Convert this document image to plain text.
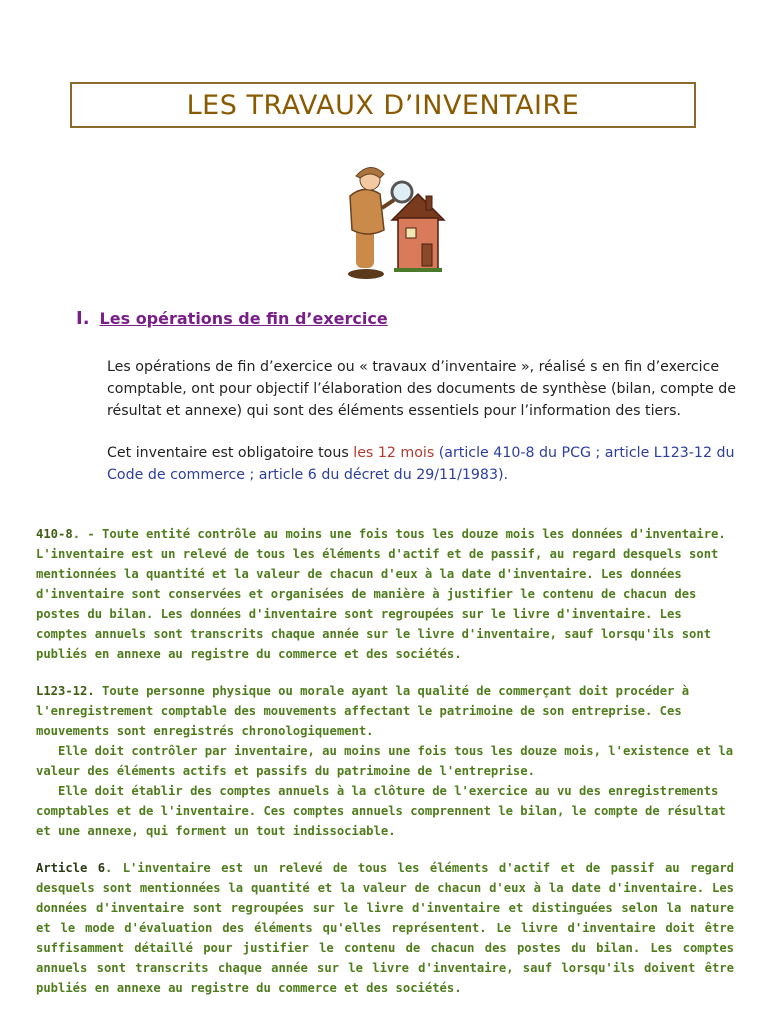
LES TRAVAUX D’INVENTAIRE
I. Les opérations de fin d’exercice

Les opérations de fin d’exercice ou « travaux d’inventaire », réalisé s en fin d’exercice comptable, ont pour objectif l’élaboration des documents de synthèse (bilan, compte de résultat et annexe) qui sont des éléments essentiels pour l’information des tiers.

Cet inventaire est obligatoire tous les 12 mois (article 410-8 du PCG ; article L123-12 du Code de commerce ; article 6 du décret du 29/11/1983).

410-8. - Toute entité contrôle au moins une fois tous les douze mois les données d'inventaire. L'inventaire est un relevé de tous les éléments d'actif et de passif, au regard desquels sont mentionnées la quantité et la valeur de chacun d'eux à la date d'inventaire. Les données d'inventaire sont conservées et organisées de manière à justifier le contenu de chacun des postes du bilan. Les données d'inventaire sont regroupées sur le livre d'inventaire. Les comptes annuels sont transcrits chaque année sur le livre d'inventaire, sauf lorsqu'ils sont publiés en annexe au registre du commerce et des sociétés.

L123-12. Toute personne physique ou morale ayant la qualité de commerçant doit procéder à l'enregistrement comptable des mouvements affectant le patrimoine de son entreprise. Ces mouvements sont enregistrés chronologiquement.
Elle doit contrôler par inventaire, au moins une fois tous les douze mois, l'existence et la valeur des éléments actifs et passifs du patrimoine de l'entreprise.
Elle doit établir des comptes annuels à la clôture de l'exercice au vu des enregistrements comptables et de l'inventaire. Ces comptes annuels comprennent le bilan, le compte de résultat et une annexe, qui forment un tout indissociable.

Article 6. L'inventaire est un relevé de tous les éléments d'actif et de passif au regard desquels sont mentionnées la quantité et la valeur de chacun d'eux à la date d'inventaire. Les données d'inventaire sont regroupées sur le livre d'inventaire et distinguées selon la nature et le mode d'évaluation des éléments qu'elles représentent. Le livre d'inventaire doit être suffisamment détaillé pour justifier le contenu de chacun des postes du bilan. Les comptes annuels sont transcrits chaque année sur le livre d'inventaire, sauf lorsqu'ils doivent être publiés en annexe au registre du commerce et des sociétés.
